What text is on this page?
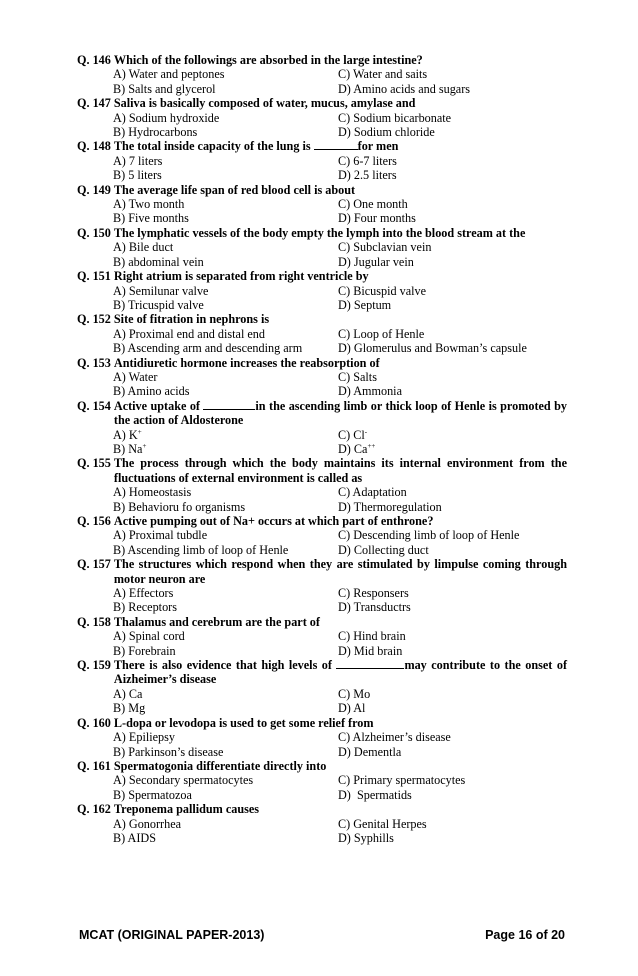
Q. 146
Which of the followings are absorbed in the large intestine?
A) Water and peptones	C) Water and saits
B) Salts and glycerol	D) Amino acids and sugars
Q. 147
Saliva is basically composed of water, mucus, amylase and
A) Sodium hydroxide	C) Sodium bicarbonate
B) Hydrocarbons	D) Sodium chloride
Q. 148
The total inside capacity of the lung is	for men
A) 7 liters	C) 6-7 liters
B) 5 liters	D) 2.5 liters
Q. 149
The average life span of red blood cell is about
A) Two month	C) One month
B) Five months	D) Four months
Q. 150
The lymphatic vessels of the body empty the lymph into the blood stream at the
A) Bile duct	C) Subclavian vein
B) abdominal vein	D) Jugular vein
Q. 151
Right atrium is separated from right ventricle by
A) Semilunar valve	C) Bicuspid valve
B) Tricuspid valve	D) Septum
Q. 152
Site of fitration in nephrons is
A) Proximal end and distal end	C) Loop of Henle
B) Ascending arm and descending arm	D) Glomerulus and Bowman’s capsule
Q. 153
Antidiuretic hormone increases the reabsorption of
A) Water	C) Salts
B) Amino acids	D) Ammonia
Q. 154
Active uptake of	in the ascending limb or thick loop of Henle is promoted by the action of Aldosterone
A) K+	C) Cl-
B) Na+	D) Ca++
Q. 155
The process through which the body maintains its internal environment from the fluctuations of external environment is called as
A) Homeostasis	C) Adaptation
B) Behavioru fo organisms	D) Thermoregulation
Q. 156
Active pumping out of Na+ occurs at which part of enthrone?
A) Proximal tubdle	C) Descending limb of loop of Henle
B) Ascending limb of loop of Henle	D) Collecting duct
Q. 157
The structures which respond when they are stimulated by limpulse coming through motor neuron are
A) Effectors	C) Responsers
B) Receptors	D) Transductrs
Q. 158
Thalamus and cerebrum are the part of
A) Spinal cord	C) Hind brain
B) Forebrain	D) Mid brain
Q. 159
There is also evidence that high levels of	may contribute to the onset of Aizheimer’s disease
A) Ca	C) Mo
B) Mg	D) Al
Q. 160
L-dopa or levodopa is used to get some relief from
A) Epiliepsy	C) Alzheimer’s disease
B) Parkinson’s disease	D) Dementla
Q. 161
Spermatogonia differentiate directly into
A) Secondary spermatocytes	C) Primary spermatocytes
B) Spermatozoa	D)  Spermatids
Q. 162
Treponema pallidum causes
A) Gonorrhea	C) Genital Herpes
B) AIDS	D) Syphills
MCAT (ORIGINAL PAPER-2013)	Page 16 of 20
